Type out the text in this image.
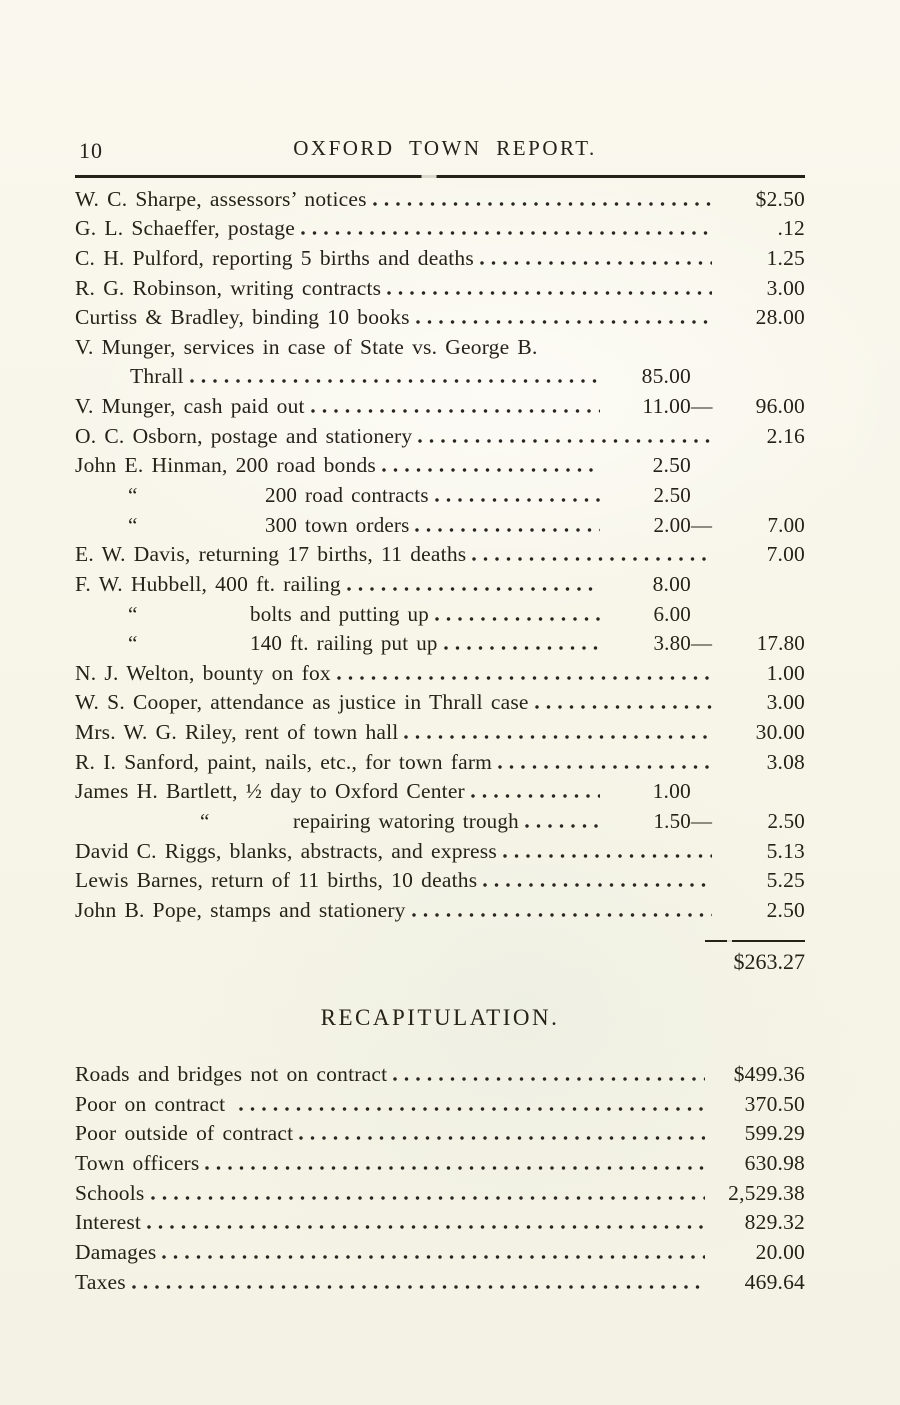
10	OXFORD TOWN REPORT.
W. C. Sharpe, assessors’ notices	$2.50
G. L. Schaeffer, postage	.12
C. H. Pulford, reporting 5 births and deaths	1.25
R. G. Robinson, writing contracts	3.00
Curtiss & Bradley, binding 10 books	28.00
V. Munger, services in case of State vs. George B.
Thrall	85.00
V. Munger, cash paid out	11.00 —	96.00
O. C. Osborn, postage and stationery	2.16
John E. Hinman, 200 road bonds	2.50
“	200 road contracts	2.50
“	300 town orders	2.00 —	7.00
E. W. Davis, returning 17 births, 11 deaths	7.00
F. W. Hubbell, 400 ft. railing	8.00
“	bolts and putting up	6.00
“	140 ft. railing put up	3.80 —	17.80
N. J. Welton, bounty on fox	1.00
W. S. Cooper, attendance as justice in Thrall case	3.00
Mrs. W. G. Riley, rent of town hall	30.00
R. I. Sanford, paint, nails, etc., for town farm	3.08
James H. Bartlett, ½ day to Oxford Center	1.00
“	repairing watoring trough	1.50 —	2.50
David C. Riggs, blanks, abstracts, and express	5.13
Lewis Barnes, return of 11 births, 10 deaths	5.25
John B. Pope, stamps and stationery	2.50
$263.27
RECAPITULATION.
Roads and bridges not on contract	$499.36
Poor on contract	370.50
Poor outside of contract	599.29
Town officers	630.98
Schools	2,529.38
Interest	829.32
Damages	20.00
Taxes	469.64
